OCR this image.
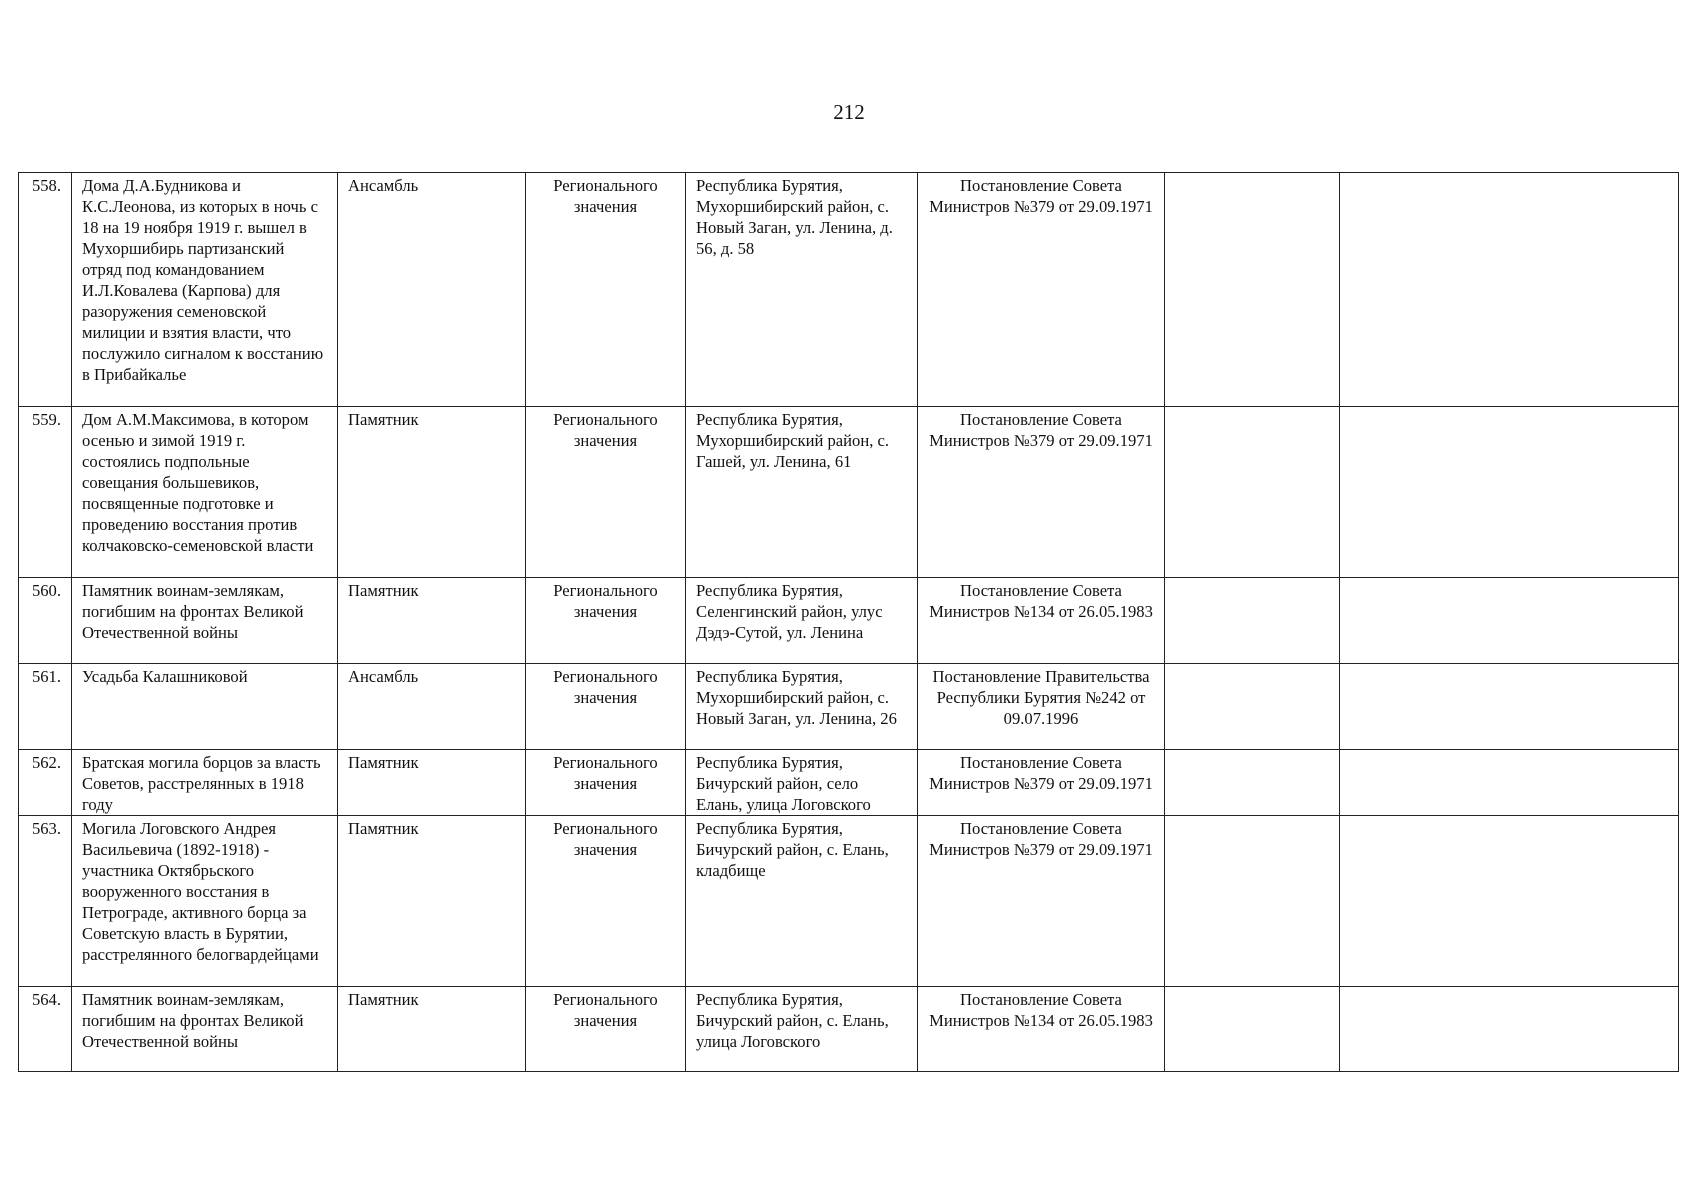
212
558.	Дома Д.А.Будникова и К.С.Леонова, из которых в ночь с 18 на 19 ноября 1919 г. вышел в Мухоршибирь партизанский отряд под командованием И.Л.Ковалева (Карпова) для разоружения семеновской милиции и взятия власти, что послужило сигналом к восстанию в Прибайкалье	Ансамбль	Регионального значения	Республика Бурятия, Мухоршибирский район, с. Новый Заган, ул. Ленина, д. 56, д. 58	Постановление Совета Министров №379 от 29.09.1971		
559.	Дом А.М.Максимова, в котором осенью и зимой 1919 г. состоялись подпольные совещания большевиков, посвященные подготовке и проведению восстания против колчаковско-семеновской власти	Памятник	Регионального значения	Республика Бурятия, Мухоршибирский район, с. Гашей, ул. Ленина, 61	Постановление Совета Министров №379 от 29.09.1971		
560.	Памятник воинам-землякам, погибшим на фронтах Великой Отечественной войны	Памятник	Регионального значения	Республика Бурятия, Селенгинский район, улус Дэдэ-Сутой, ул. Ленина	Постановление Совета Министров №134 от 26.05.1983		
561.	Усадьба Калашниковой	Ансамбль	Регионального значения	Республика Бурятия, Мухоршибирский район, с. Новый Заган, ул. Ленина, 26	Постановление Правительства Республики Бурятия №242 от 09.07.1996		
562.	Братская могила борцов за власть Советов, расстрелянных в 1918 году	Памятник	Регионального значения	Республика Бурятия, Бичурский район, село Елань, улица Логовского	Постановление Совета Министров №379 от 29.09.1971		
563.	Могила Логовского Андрея Васильевича (1892-1918) - участника Октябрьского вооруженного восстания в Петрограде, активного борца за Советскую власть в Бурятии, расстрелянного белогвардейцами	Памятник	Регионального значения	Республика Бурятия, Бичурский район, с. Елань, кладбище	Постановление Совета Министров №379 от 29.09.1971		
564.	Памятник воинам-землякам, погибшим на фронтах Великой Отечественной войны	Памятник	Регионального значения	Республика Бурятия, Бичурский район, с. Елань, улица Логовского	Постановление Совета Министров №134 от 26.05.1983		
